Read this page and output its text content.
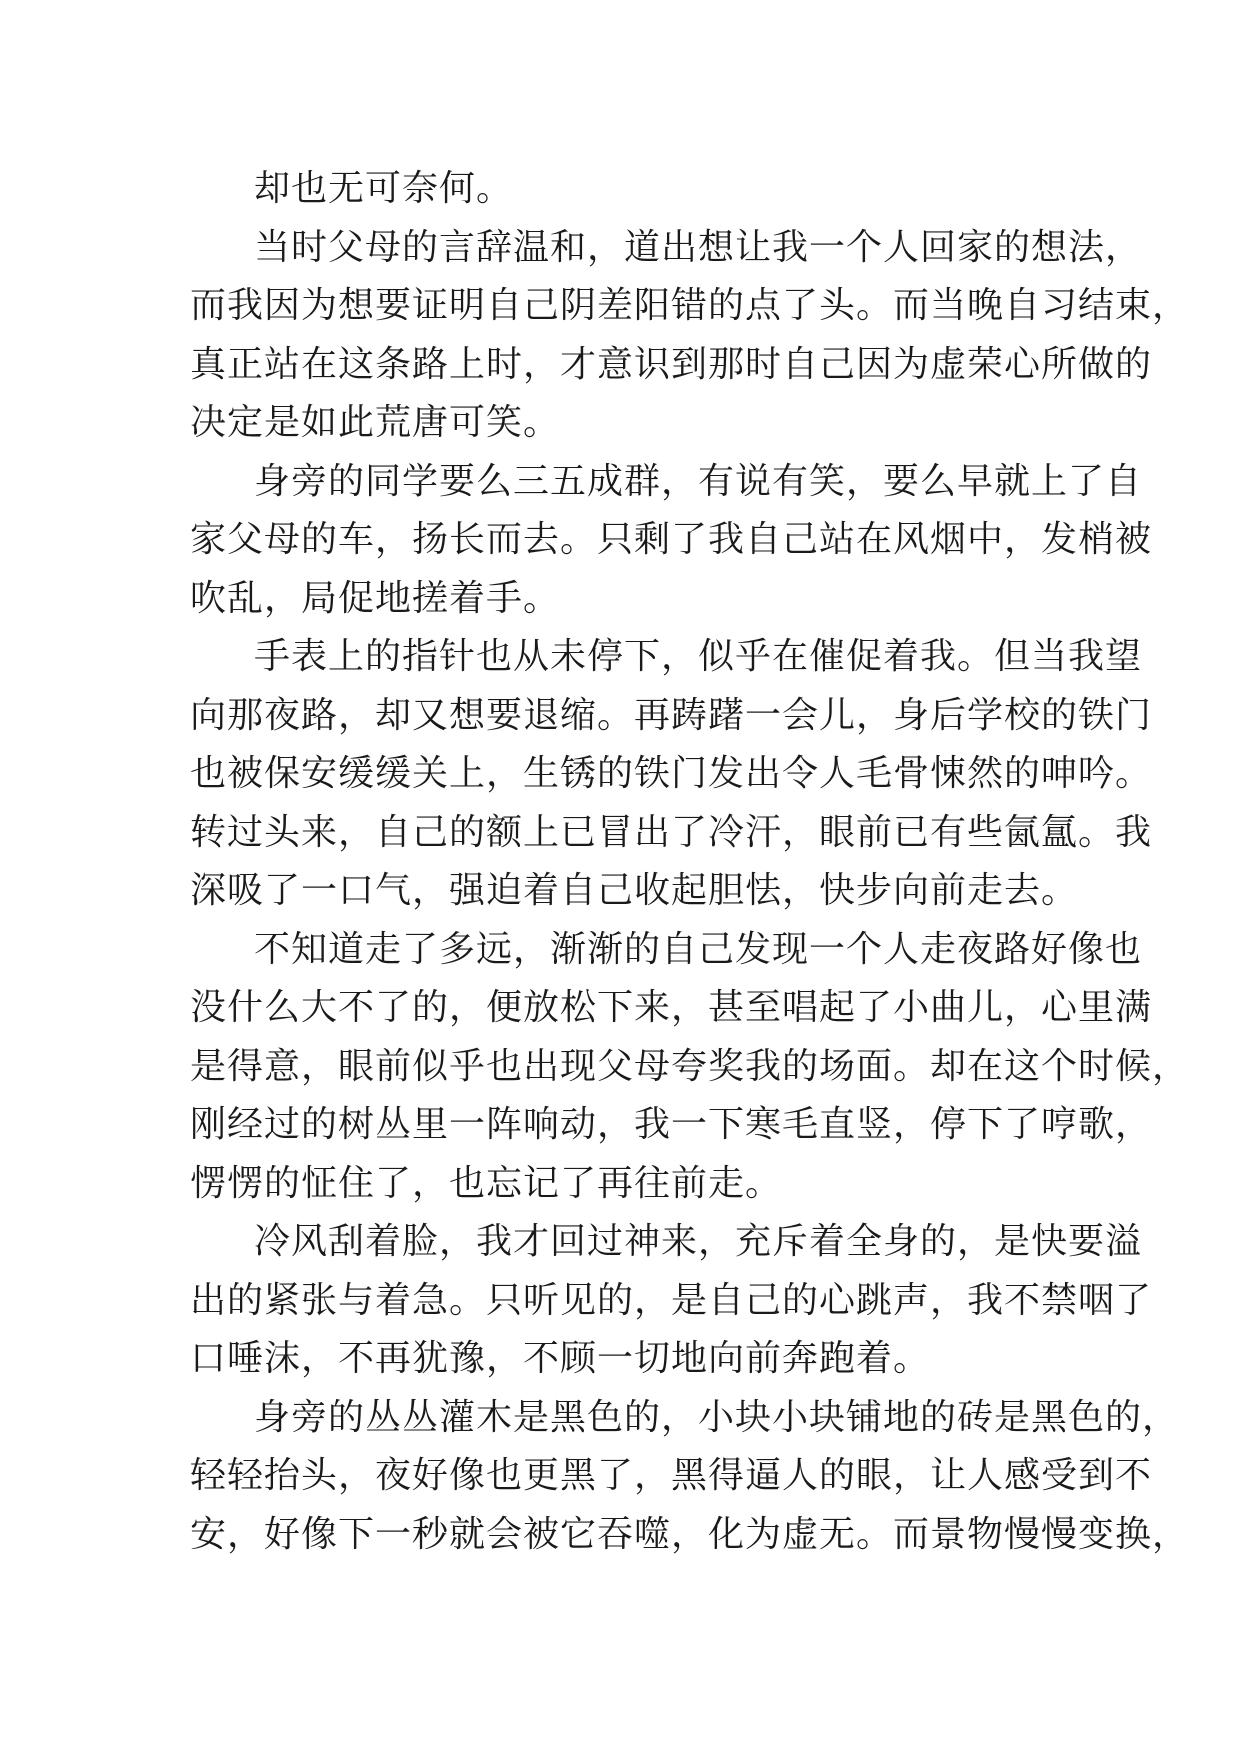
却也无可奈何。
当时父母的言辞温和，道出想让我一个人回家的想法，
而我因为想要证明自己阴差阳错的点了头。而当晚自习结束，
真正站在这条路上时，才意识到那时自己因为虚荣心所做的
决定是如此荒唐可笑。
身旁的同学要么三五成群，有说有笑，要么早就上了自
家父母的车，扬长而去。只剩了我自己站在风烟中，发梢被
吹乱，局促地搓着手。
手表上的指针也从未停下，似乎在催促着我。但当我望
向那夜路，却又想要退缩。再踌躇一会儿，身后学校的铁门
也被保安缓缓关上，生锈的铁门发出令人毛骨悚然的呻吟。
转过头来，自己的额上已冒出了冷汗，眼前已有些氤氲。我
深吸了一口气，强迫着自己收起胆怯，快步向前走去。
不知道走了多远，渐渐的自己发现一个人走夜路好像也
没什么大不了的，便放松下来，甚至唱起了小曲儿，心里满
是得意，眼前似乎也出现父母夸奖我的场面。却在这个时候，
刚经过的树丛里一阵响动，我一下寒毛直竖，停下了哼歌，
愣愣的怔住了，也忘记了再往前走。
冷风刮着脸，我才回过神来，充斥着全身的，是快要溢
出的紧张与着急。只听见的，是自己的心跳声，我不禁咽了
口唾沫，不再犹豫，不顾一切地向前奔跑着。
身旁的丛丛灌木是黑色的，小块小块铺地的砖是黑色的，
轻轻抬头，夜好像也更黑了，黑得逼人的眼，让人感受到不
安，好像下一秒就会被它吞噬，化为虚无。而景物慢慢变换，
